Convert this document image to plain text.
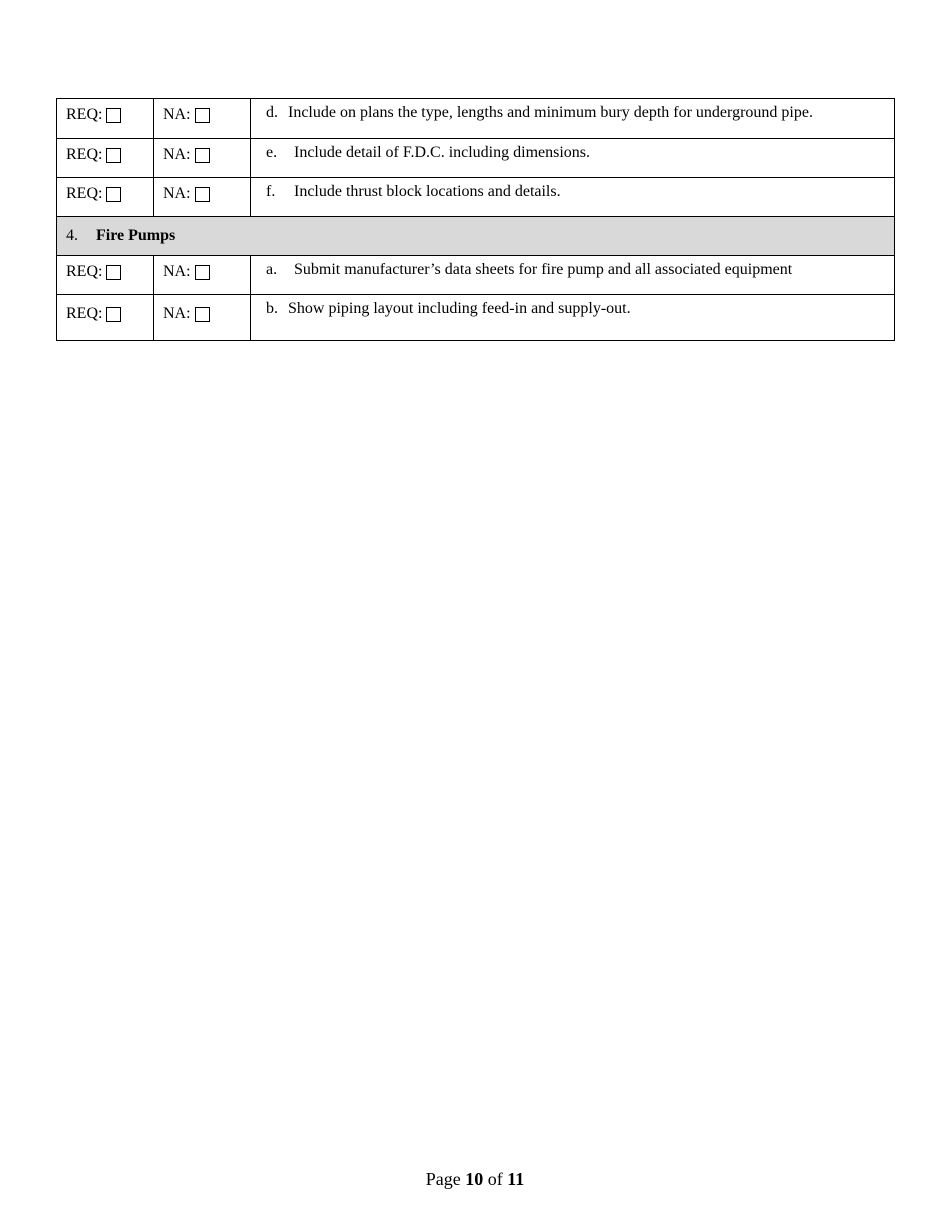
REQ:	NA:	d. Include on plans the type, lengths and minimum bury depth for underground pipe.

REQ:	NA:	e. Include detail of F.D.C. including dimensions.

REQ:	NA:	f. Include thrust block locations and details.

4. Fire Pumps		

REQ:	NA:	a. Submit manufacturer’s data sheets for fire pump and all associated equipment

REQ:	NA:	b. Show piping layout including feed-in and supply-out.
Page 10 of 11
